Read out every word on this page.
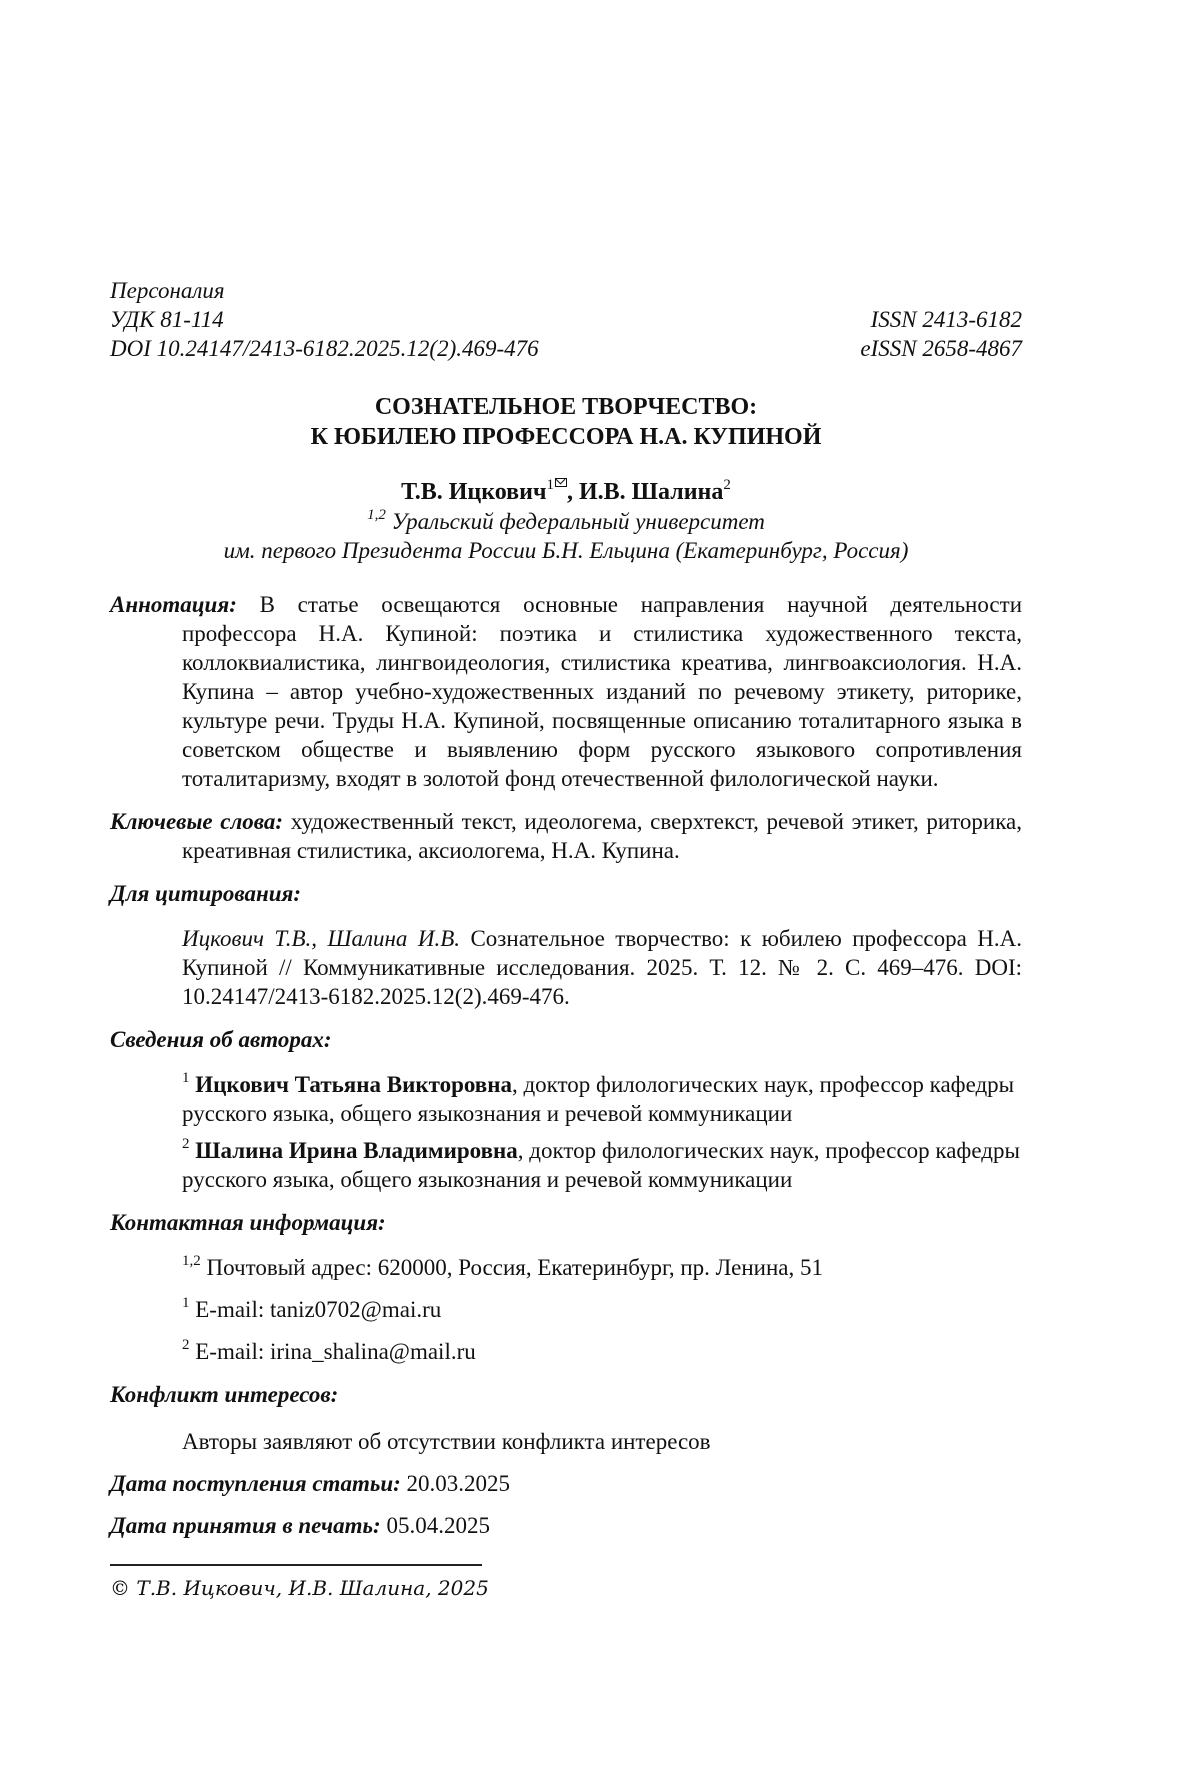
Персоналия
УДК 81-114	ISSN 2413-6182
DOI 10.24147/2413-6182.2025.12(2).469-476	eISSN 2658-4867
СОЗНАТЕЛЬНОЕ ТВОРЧЕСТВО:
К ЮБИЛЕЮ ПРОФЕССОРА Н.А. КУПИНОЙ
Т.В. Ицкович$^1$ , И.В. Шалина$^2$
$^{1,2}$ Уральский федеральный университет
им. первого Президента России Б.Н. Ельцина (Екатеринбург, Россия)
Аннотация: В статье освещаются основные направления научной деятельности профессора Н.А. Купиной: поэтика и стилистика художественного текста, коллоквиалистика, лингвоидеология, стилистика креатива, лингвоаксиология. Н.А. Купина – автор учебно-художественных изданий по речевому этикету, риторике, культуре речи. Труды Н.А. Купиной, посвященные описанию тоталитарного языка в советском обществе и выявлению форм русского языкового сопротивления тоталитаризму, входят в золотой фонд отечественной филологической науки.
Ключевые слова: художественный текст, идеологема, сверхтекст, речевой этикет, риторика, креативная стилистика, аксиологема, Н.А. Купина.
Для цитирования:
Ицкович Т.В., Шалина И.В. Сознательное творчество: к юбилею профессора Н.А. Купиной // Коммуникативные исследования. 2025. Т. 12. № 2. С. 469–476. DOI: 10.24147/2413-6182.2025.12(2).469-476.
Сведения об авторах:
$^1$ Ицкович Татьяна Викторовна, доктор филологических наук, профессор кафедры русского языка, общего языкознания и речевой коммуникации
$^2$ Шалина Ирина Владимировна, доктор филологических наук, профессор кафедры русского языка, общего языкознания и речевой коммуникации
Контактная информация:
$^{1,2}$ Почтовый адрес: 620000, Россия, Екатеринбург, пр. Ленина, 51
$^1$ E-mail: taniz0702@mai.ru
$^2$ E-mail: irina_shalina@mail.ru
Конфликт интересов:
Авторы заявляют об отсутствии конфликта интересов
Дата поступления статьи: 20.03.2025
Дата принятия в печать: 05.04.2025
© Т.В. Ицкович, И.В. Шалина, 2025
